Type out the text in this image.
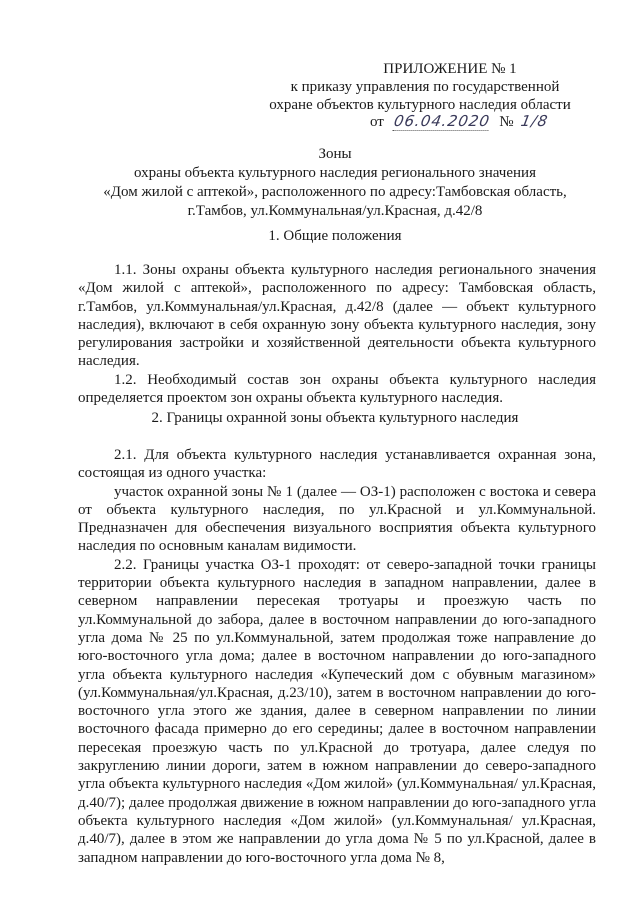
ПРИЛОЖЕНИЕ № 1
к приказу управления по государственной
охране объектов культурного наследия области
от 06.04.2020 № 1/8
Зоны
охраны объекта культурного наследия регионального значения
«Дом жилой с аптекой», расположенного по адресу:Тамбовская область,
г.Тамбов, ул.Коммунальная/ул.Красная, д.42/8
1. Общие положения

1.1. Зоны охраны объекта культурного наследия регионального значения «Дом жилой с аптекой», расположенного по адресу: Тамбовская область, г.Тамбов, ул.Коммунальная/ул.Красная, д.42/8 (далее — объект культурного наследия), включают в себя охранную зону объекта культурного наследия, зону регулирования застройки и хозяйственной деятельности объекта культурного наследия.

1.2. Необходимый состав зон охраны объекта культурного наследия определяется проектом зон охраны объекта культурного наследия.

2. Границы охранной зоны объекта культурного наследия

2.1. Для объекта культурного наследия устанавливается охранная зона, состоящая из одного участка:

участок охранной зоны № 1 (далее — ОЗ-1) расположен с востока и севера от объекта культурного наследия, по ул.Красной и ул.Коммунальной. Предназначен для обеспечения визуального восприятия объекта культурного наследия по основным каналам видимости.

2.2. Границы участка ОЗ-1 проходят: от северо-западной точки границы территории объекта культурного наследия в западном направлении, далее в северном направлении пересекая тротуары и проезжую часть по ул.Коммунальной до забора, далее в восточном направлении до юго-западного угла дома № 25 по ул.Коммунальной, затем продолжая тоже направление до юго-восточного угла дома; далее в восточном направлении до юго-западного угла объекта культурного наследия «Купеческий дом с обувным магазином» (ул.Коммунальная/ул.Красная, д.23/10), затем в восточном направлении до юго-восточного угла этого же здания, далее в северном направлении по линии восточного фасада примерно до его середины; далее в восточном направлении пересекая проезжую часть по ул.Красной до тротуара, далее следуя по закруглению линии дороги, затем в южном направлении до северо-западного угла объекта культурного наследия «Дом жилой» (ул.Коммунальная/ ул.Красная, д.40/7); далее продолжая движение в южном направлении до юго-западного угла объекта культурного наследия «Дом жилой» (ул.Коммунальная/ ул.Красная, д.40/7), далее в этом же направлении до угла дома № 5 по ул.Красной, далее в западном направлении до юго-восточного угла дома № 8,
